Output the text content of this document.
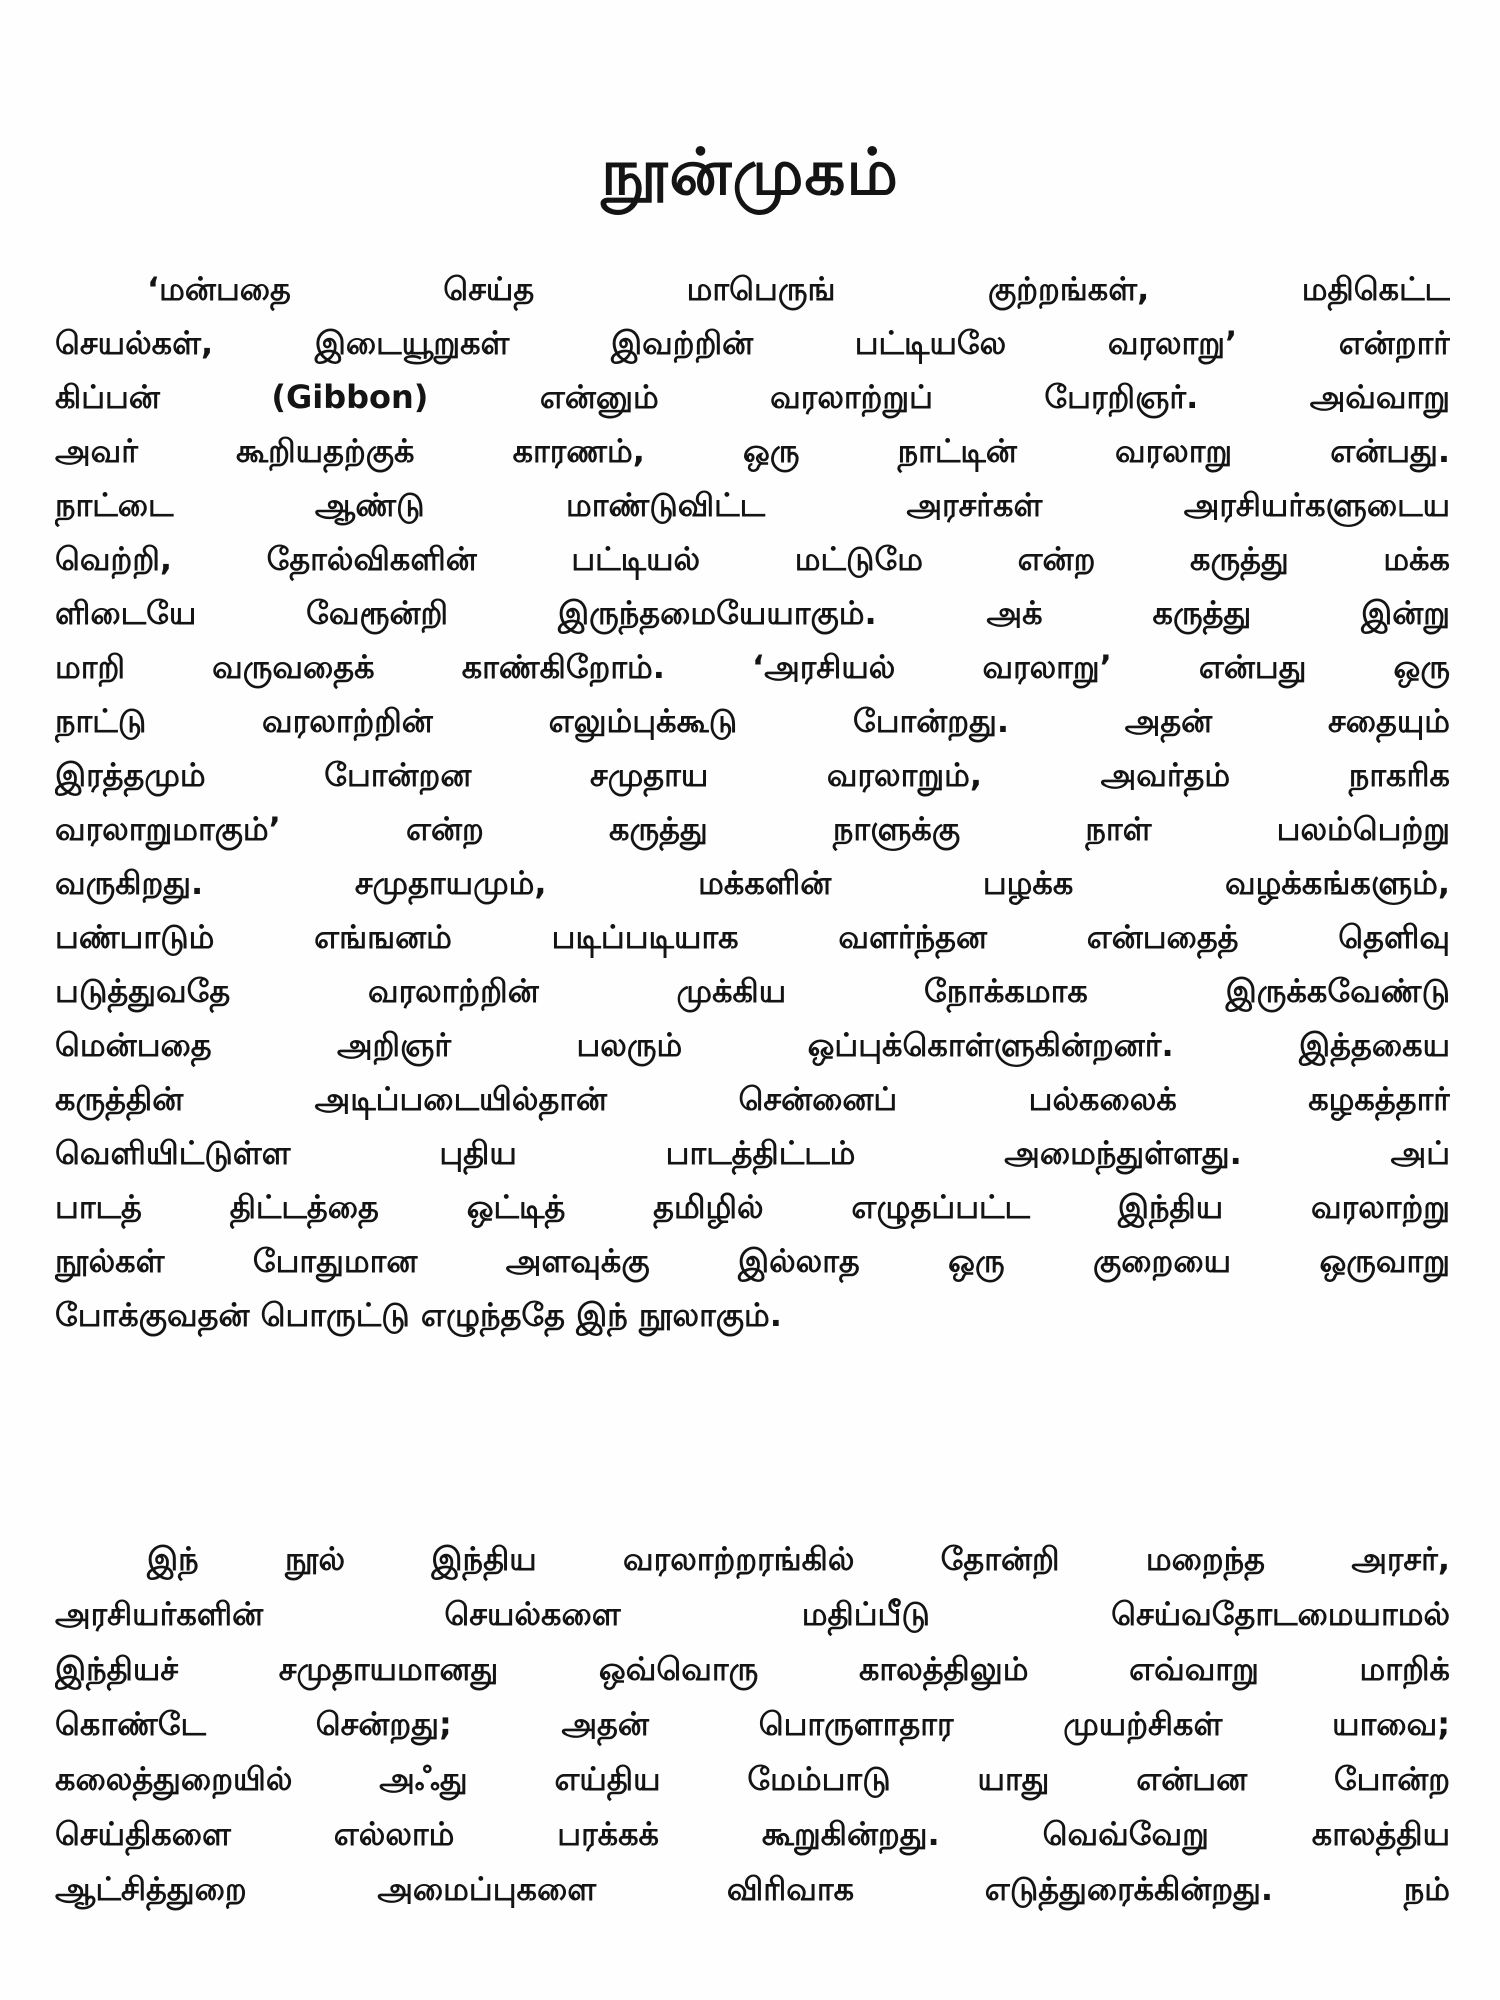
நூன்முகம்
‘மன்பதை செய்த மாபெருங் குற்றங்கள், மதிகெட்ட
செயல்கள், இடையூறுகள் இவற்றின் பட்டியலே வரலாறு’ என்றார்
கிப்பன் (Gibbon) என்னும் வரலாற்றுப் பேரறிஞர். அவ்வாறு
அவர் கூறியதற்குக் காரணம், ஒரு நாட்டின் வரலாறு என்பது.
நாட்டை ஆண்டு மாண்டுவிட்ட அரசர்கள் அரசியர்களுடைய
வெற்றி, தோல்விகளின் பட்டியல் மட்டுமே என்ற கருத்து மக்க
ளிடையே வேரூன்றி இருந்தமையேயாகும். அக் கருத்து இன்று
மாறி வருவதைக் காண்கிறோம். ‘அரசியல் வரலாறு’ என்பது ஒரு
நாட்டு வரலாற்றின் எலும்புக்கூடு போன்றது. அதன் சதையும்
இரத்தமும் போன்றன சமுதாய வரலாறும், அவர்தம் நாகரிக
வரலாறுமாகும்’ என்ற கருத்து நாளுக்கு நாள் பலம்பெற்று
வருகிறது. சமுதாயமும், மக்களின் பழக்க வழக்கங்களும்,
பண்பாடும் எங்ஙனம் படிப்படியாக வளர்ந்தன என்பதைத் தெளிவு
படுத்துவதே வரலாற்றின் முக்கிய நோக்கமாக இருக்கவேண்டு
மென்பதை அறிஞர் பலரும் ஒப்புக்கொள்ளுகின்றனர். இத்தகைய
கருத்தின் அடிப்படையில்தான் சென்னைப் பல்கலைக் கழகத்தார்
வெளியிட்டுள்ள புதிய பாடத்திட்டம் அமைந்துள்ளது. அப்
பாடத் திட்டத்தை ஒட்டித் தமிழில் எழுதப்பட்ட இந்திய வரலாற்று
நூல்கள் போதுமான அளவுக்கு இல்லாத ஒரு குறையை ஒருவாறு
போக்குவதன் பொருட்டு எழுந்ததே இந் நூலாகும்.
இந் நூல் இந்திய வரலாற்றரங்கில் தோன்றி மறைந்த அரசர்,
அரசியர்களின் செயல்களை மதிப்பீடு செய்வதோடமையாமல்
இந்தியச் சமுதாயமானது ஒவ்வொரு காலத்திலும் எவ்வாறு மாறிக்
கொண்டே சென்றது; அதன் பொருளாதார முயற்சிகள் யாவை;
கலைத்துறையில் அஃது எய்திய மேம்பாடு யாது என்பன போன்ற
செய்திகளை எல்லாம் பரக்கக் கூறுகின்றது. வெவ்வேறு காலத்திய
ஆட்சித்துறை அமைப்புகளை விரிவாக எடுத்துரைக்கின்றது. நம்
